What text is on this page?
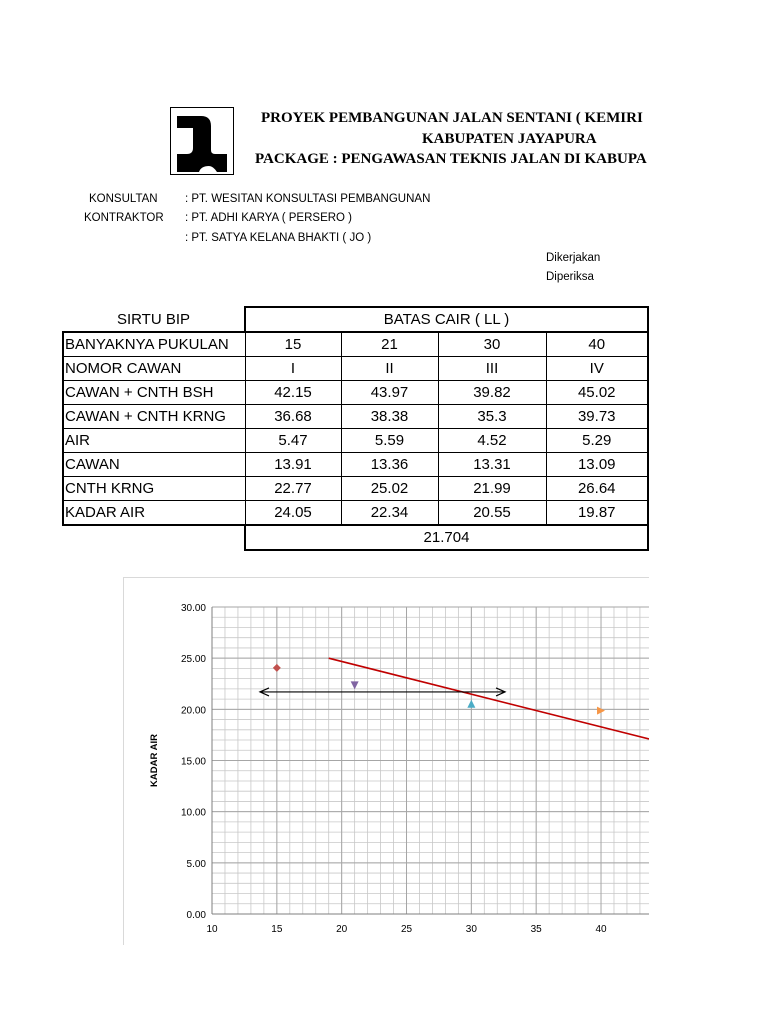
PROYEK PEMBANGUNAN JALAN SENTANI ( KEMIRI
KABUPATEN JAYAPURA
PACKAGE : PENGAWASAN TEKNIS JALAN DI KABUPA
KONSULTAN : PT. WESITAN KONSULTASI PEMBANGUNAN
KONTRAKTOR : PT. ADHI KARYA ( PERSERO )
: PT. SATYA KELANA BHAKTI ( JO )
Dikerjakan
Diperiksa
SIRTU BIP	BATAS CAIR ( LL )			
BANYAKNYA PUKULAN	15	21	30	40
NOMOR CAWAN	I	II	III	IV
CAWAN + CNTH BSH	42.15	43.97	39.82	45.02
CAWAN + CNTH KRNG	36.68	38.38	35.3	39.73
AIR	5.47	5.59	4.52	5.29
CAWAN	13.91	13.36	13.31	13.09
CNTH KRNG	22.77	25.02	21.99	26.64
KADAR AIR	24.05	22.34	20.55	19.87
	21.704			
0.00
5.00
10.00
15.00
20.00
25.00
30.00
10	15	20	25	30	35	40
KADAR AIR
